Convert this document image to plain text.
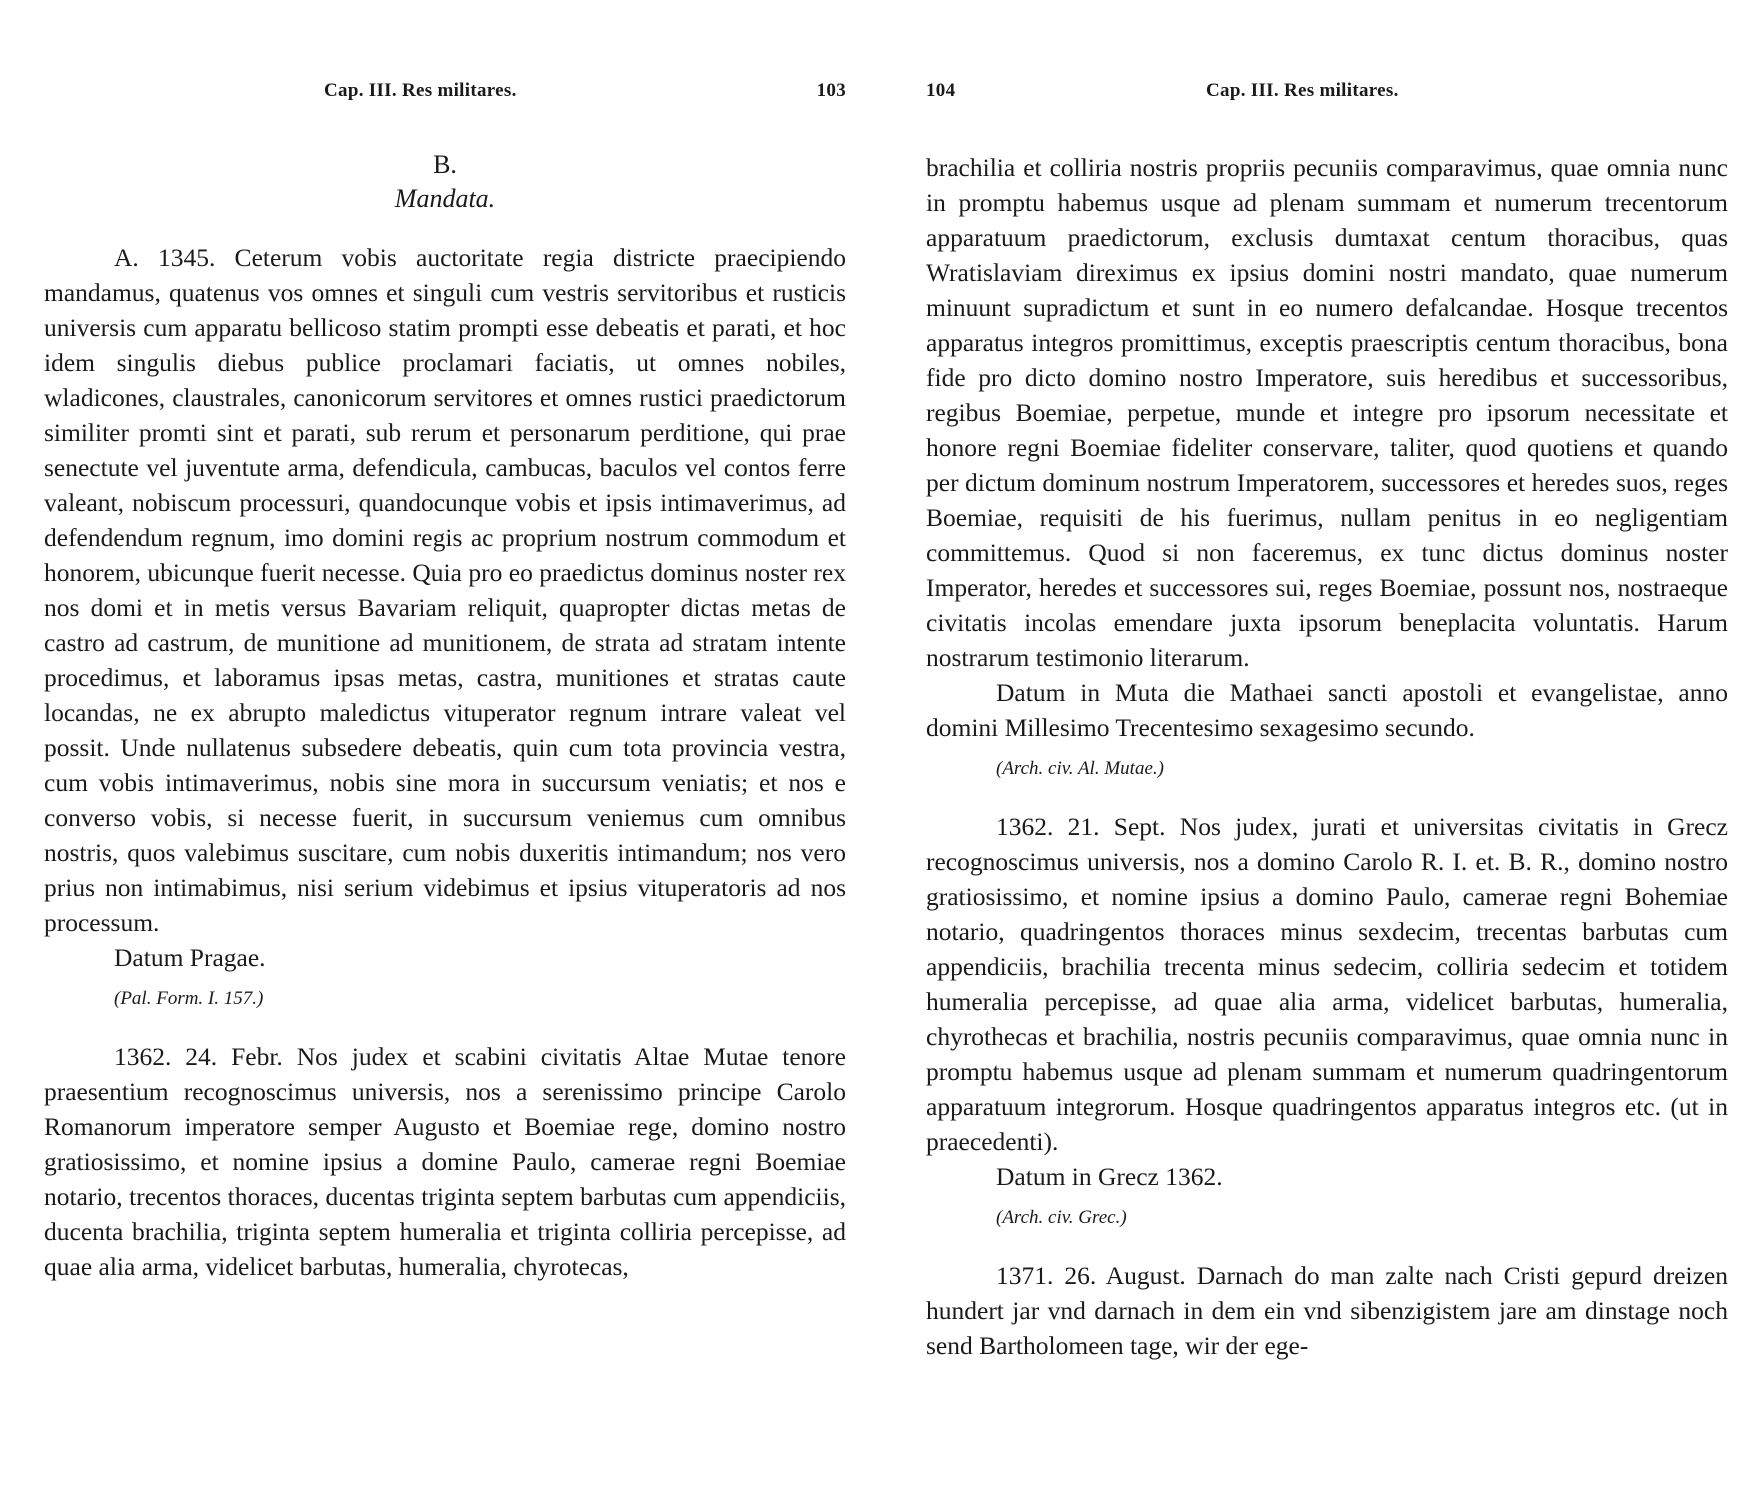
Cap. III. Res militares.	103
B.
Mandata.

A. 1345. Ceterum vobis auctoritate regia districte praecipiendo mandamus, quatenus vos omnes et singuli cum vestris servitoribus et rusticis universis cum apparatu bellicoso statim prompti esse debeatis et parati, et hoc idem singulis diebus publice proclamari faciatis, ut omnes nobiles, wladicones, claustrales, canonicorum servitores et omnes rustici praedictorum similiter promti sint et parati, sub rerum et personarum perditione, qui prae senectute vel juventute arma, defendicula, cambucas, baculos vel contos ferre valeant, nobiscum processuri, quandocunque vobis et ipsis intimaverimus, ad defendendum regnum, imo domini regis ac proprium nostrum commodum et honorem, ubicunque fuerit necesse. Quia pro eo praedictus dominus noster rex nos domi et in metis versus Bavariam reliquit, quapropter dictas metas de castro ad castrum, de munitione ad munitionem, de strata ad stratam intente procedimus, et laboramus ipsas metas, castra, munitiones et stratas caute locandas, ne ex abrupto maledictus vituperator regnum intrare valeat vel possit. Unde nullatenus subsedere debeatis, quin cum tota provincia vestra, cum vobis intimaverimus, nobis sine mora in succursum veniatis; et nos e converso vobis, si necesse fuerit, in succursum veniemus cum omnibus nostris, quos valebimus suscitare, cum nobis duxeritis intimandum; nos vero prius non intimabimus, nisi serium videbimus et ipsius vituperatoris ad nos processum.

Datum Pragae.

(Pal. Form. I. 157.)

1362. 24. Febr. Nos judex et scabini civitatis Altae Mutae tenore praesentium recognoscimus universis, nos a serenissimo principe Carolo Romanorum imperatore semper Augusto et Boemiae rege, domino nostro gratiosissimo, et nomine ipsius a domine Paulo, camerae regni Boemiae notario, trecentos thoraces, ducentas triginta septem barbutas cum appendiciis, ducenta brachilia, triginta septem humeralia et triginta colliria percepisse, ad quae alia arma, videlicet barbutas, humeralia, chyrotecas,

104	Cap. III. Res militares.

brachilia et colliria nostris propriis pecuniis comparavimus, quae omnia nunc in promptu habemus usque ad plenam summam et numerum trecentorum apparatuum praedictorum, exclusis dumtaxat centum thoracibus, quas Wratislaviam direximus ex ipsius domini nostri mandato, quae numerum minuunt supradictum et sunt in eo numero defalcandae. Hosque trecentos apparatus integros promittimus, exceptis praescriptis centum thoracibus, bona fide pro dicto domino nostro Imperatore, suis heredibus et successoribus, regibus Boemiae, perpetue, munde et integre pro ipsorum necessitate et honore regni Boemiae fideliter conservare, taliter, quod quotiens et quando per dictum dominum nostrum Imperatorem, successores et heredes suos, reges Boemiae, requisiti de his fuerimus, nullam penitus in eo negligentiam committemus. Quod si non faceremus, ex tunc dictus dominus noster Imperator, heredes et successores sui, reges Boemiae, possunt nos, nostraeque civitatis incolas emendare juxta ipsorum beneplacita voluntatis. Harum nostrarum testimonio literarum.

Datum in Muta die Mathaei sancti apostoli et evangelistae, anno domini Millesimo Trecentesimo sexagesimo secundo.

(Arch. civ. Al. Mutae.)

1362. 21. Sept. Nos judex, jurati et universitas civitatis in Grecz recognoscimus universis, nos a domino Carolo R. I. et. B. R., domino nostro gratiosissimo, et nomine ipsius a domino Paulo, camerae regni Bohemiae notario, quadringentos thoraces minus sexdecim, trecentas barbutas cum appendiciis, brachilia trecenta minus sedecim, colliria sedecim et totidem humeralia percepisse, ad quae alia arma, videlicet barbutas, humeralia, chyrothecas et brachilia, nostris pecuniis comparavimus, quae omnia nunc in promptu habemus usque ad plenam summam et numerum quadringentorum apparatuum integrorum. Hosque quadringentos apparatus integros etc. (ut in praecedenti).

Datum in Grecz 1362.

(Arch. civ. Grec.)

1371. 26. August. Darnach do man zalte nach Cristi gepurd dreizen hundert jar vnd darnach in dem ein vnd sibenzigistem jare am dinstage noch send Bartholomeen tage, wir der ege-
